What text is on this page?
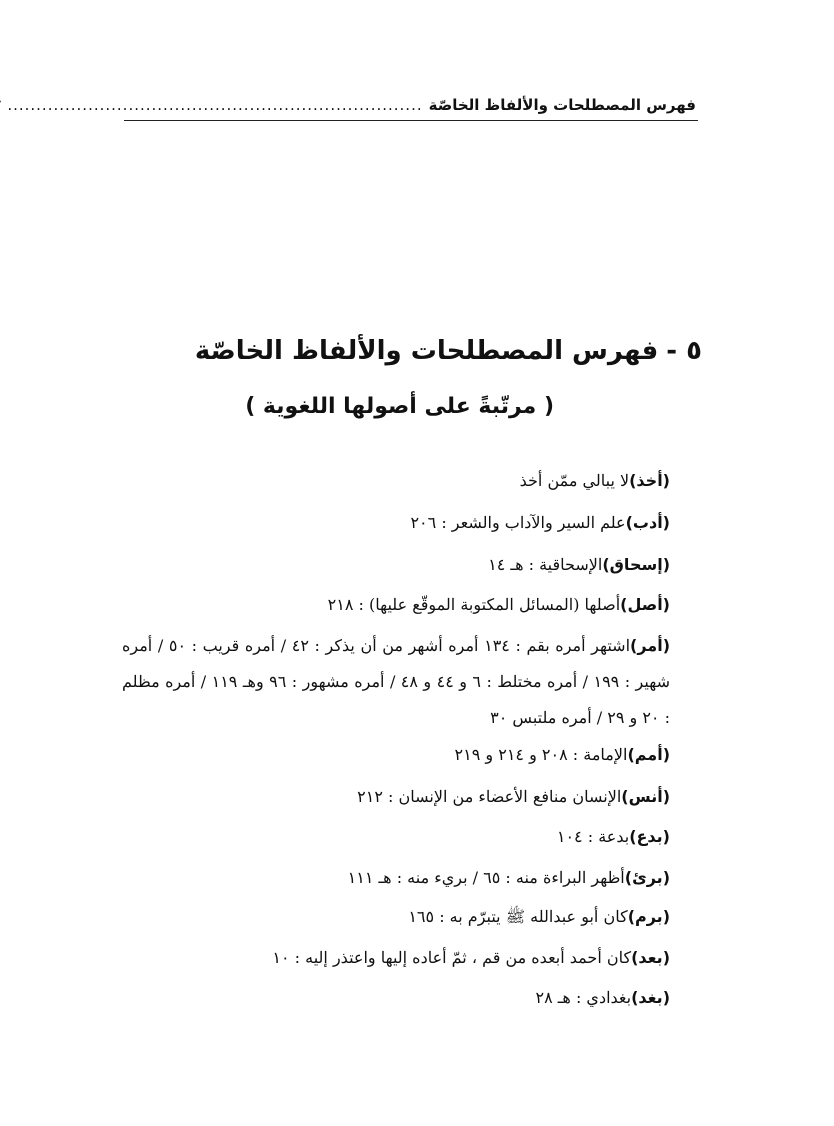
فهرس المصطلحات والألفاظ الخاصّة
........................................................................
٥ -فهرس المصطلحات والألفاظ الخاصّة
( مرتّبةً على أصولها اللغوية )
(أخذ)لا يبالي ممّن أخذ
(أدب)علم السير والآداب والشعر : ٢٠٦
(إسحاق)الإسحاقية : هـ ١٤
(أصل)أصلها (المسائل المكتوبة الموقّع عليها) : ٢١٨
(أمر)اشتهر أمره بقم : ١٣٤ أمره أشهر من أن يذكر : ٤٢ / أمره قريب : ٥٠ / أمره شهير : ١٩٩ / أمره مختلط : ٦ و ٤٤ و ٤٨ / أمره مشهور : ٩٦ وهـ ١١٩ / أمره مظلم : ٢٠ و ٢٩ / أمره ملتبس ٣٠
(أمم)الإمامة : ٢٠٨ و ٢١٤ و ٢١٩
(أنس)الإنسان منافع الأعضاء من الإنسان : ٢١٢
(بدع)بدعة : ١٠٤
(برئ)أظهر البراءة منه : ٦٥ / بريء منه : هـ ١١١
(برم)كان أبو عبدالله ﷺ يتبرّم به : ١٦٥
(بعد)كان أحمد أبعده من قم ، ثمّ أعاده إليها واعتذر إليه : ١٠
(بغد)بغدادي : هـ ٢٨
